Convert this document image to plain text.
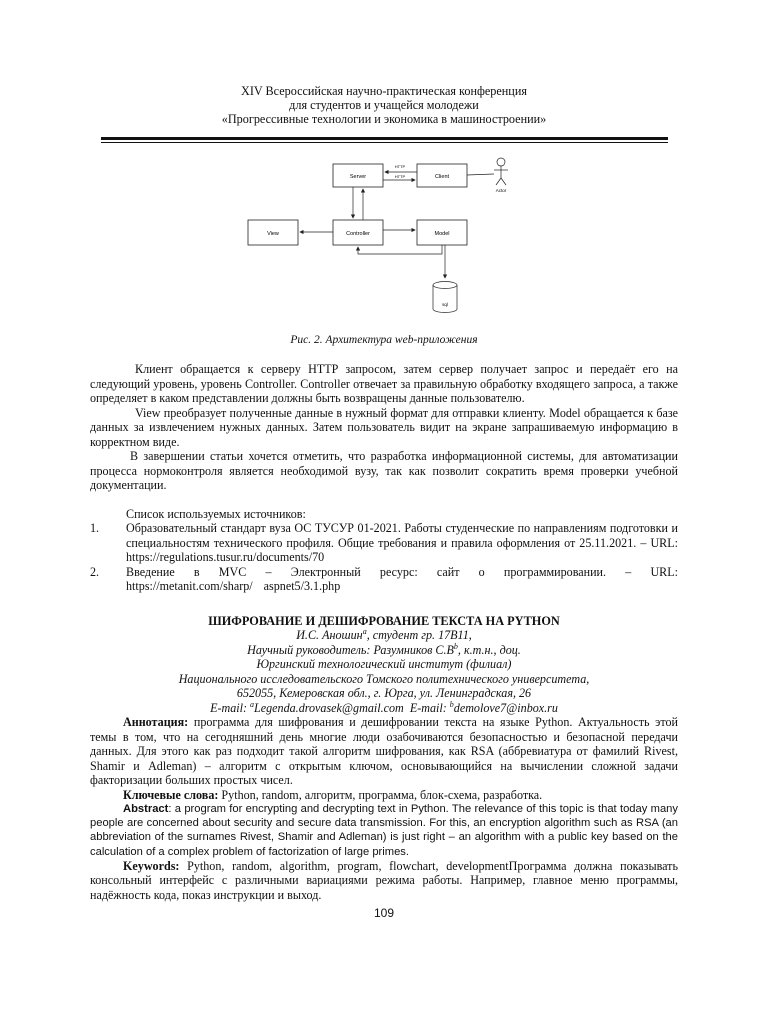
XIV Всероссийская научно-практическая конференция
для студентов и учащейся молодежи
«Прогрессивные технологии и экономика в машиностроении»
Server	Client
View	Controller	Model
HTTP
HTTP
Actor
sql
Рис. 2. Архитектура web-приложения

Клиент обращается к серверу HTTP запросом, затем сервер получает запрос и передаёт его на следующий уровень, уровень Controller. Controller отвечает за правильную обработку входящего запроса, а также определяет в каком представлении должны быть возвращены данные пользователю.

View преобразует полученные данные в нужный формат для отправки клиенту. Model обращается к базе данных за извлечением нужных данных. Затем пользователь видит на экране запрашиваемую информацию в корректном виде.

В завершении статьи хочется отметить, что разработка информационной системы, для автоматизации процесса нормоконтроля является необходимой вузу, так как позволит сократить время проверки учебной документации.

Список используемых источников:

1. Образовательный стандарт вуза ОС ТУСУР 01-2021. Работы студенческие по направлениям подготовки и специальностям технического профиля. Общие требования и правила оформления от 25.11.2021. – URL: https://regulations.tusur.ru/documents/70
2. Введение в MVC – Электронный ресурс: сайт о программировании. – URL: https://metanit.com/sharp/ aspnet5/3.1.php

ШИФРОВАНИЕ И ДЕШИФРОВАНИЕ ТЕКСТА НА PYTHON

И.С. Аношин$^a$, студент гр. 17В11,

Научный руководитель: Разумников $С.В^b$, к.т.н., доц.

Юргинский технологический институт (филиал)

Национального исследовательского Томского политехнического университета,

652055, Кемеровская обл., г. Юрга, ул. Ленинградская, 26

E-mail: $^a$Legenda.drovasek@gmail.com  E-mail: $^b$demolove7@inbox.ru

Аннотация: программа для шифрования и дешифровании текста на языке Python. Актуальность этой темы в том, что на сегодняшний день многие люди озабочиваются безопасностью и безопасной передачи данных. Для этого как раз подходит такой алгоритм шифрования, как RSA (аббревиатура от фамилий Rivest, Shamir и Adleman) – алгоритм с открытым ключом, основывающийся на вычислении сложной задачи факторизации больших простых чисел.

Ключевые слова: Python, random, алгоритм, программа, блок-схема, разработка.

Abstract: a program for encrypting and decrypting text in Python. The relevance of this topic is that today many people are concerned about security and secure data transmission. For this, an encryption algorithm such as RSA (an abbreviation of the surnames Rivest, Shamir and Adleman) is just right – an algorithm with a public key based on the calculation of a complex problem of factorization of large primes.

Keywords: Python, random, algorithm, program, flowchart, developmentПрограмма должна показывать консольный интерфейс с различными вариациями режима работы. Например, главное меню программы, надёжность кода, показ инструкции и выход.

109
